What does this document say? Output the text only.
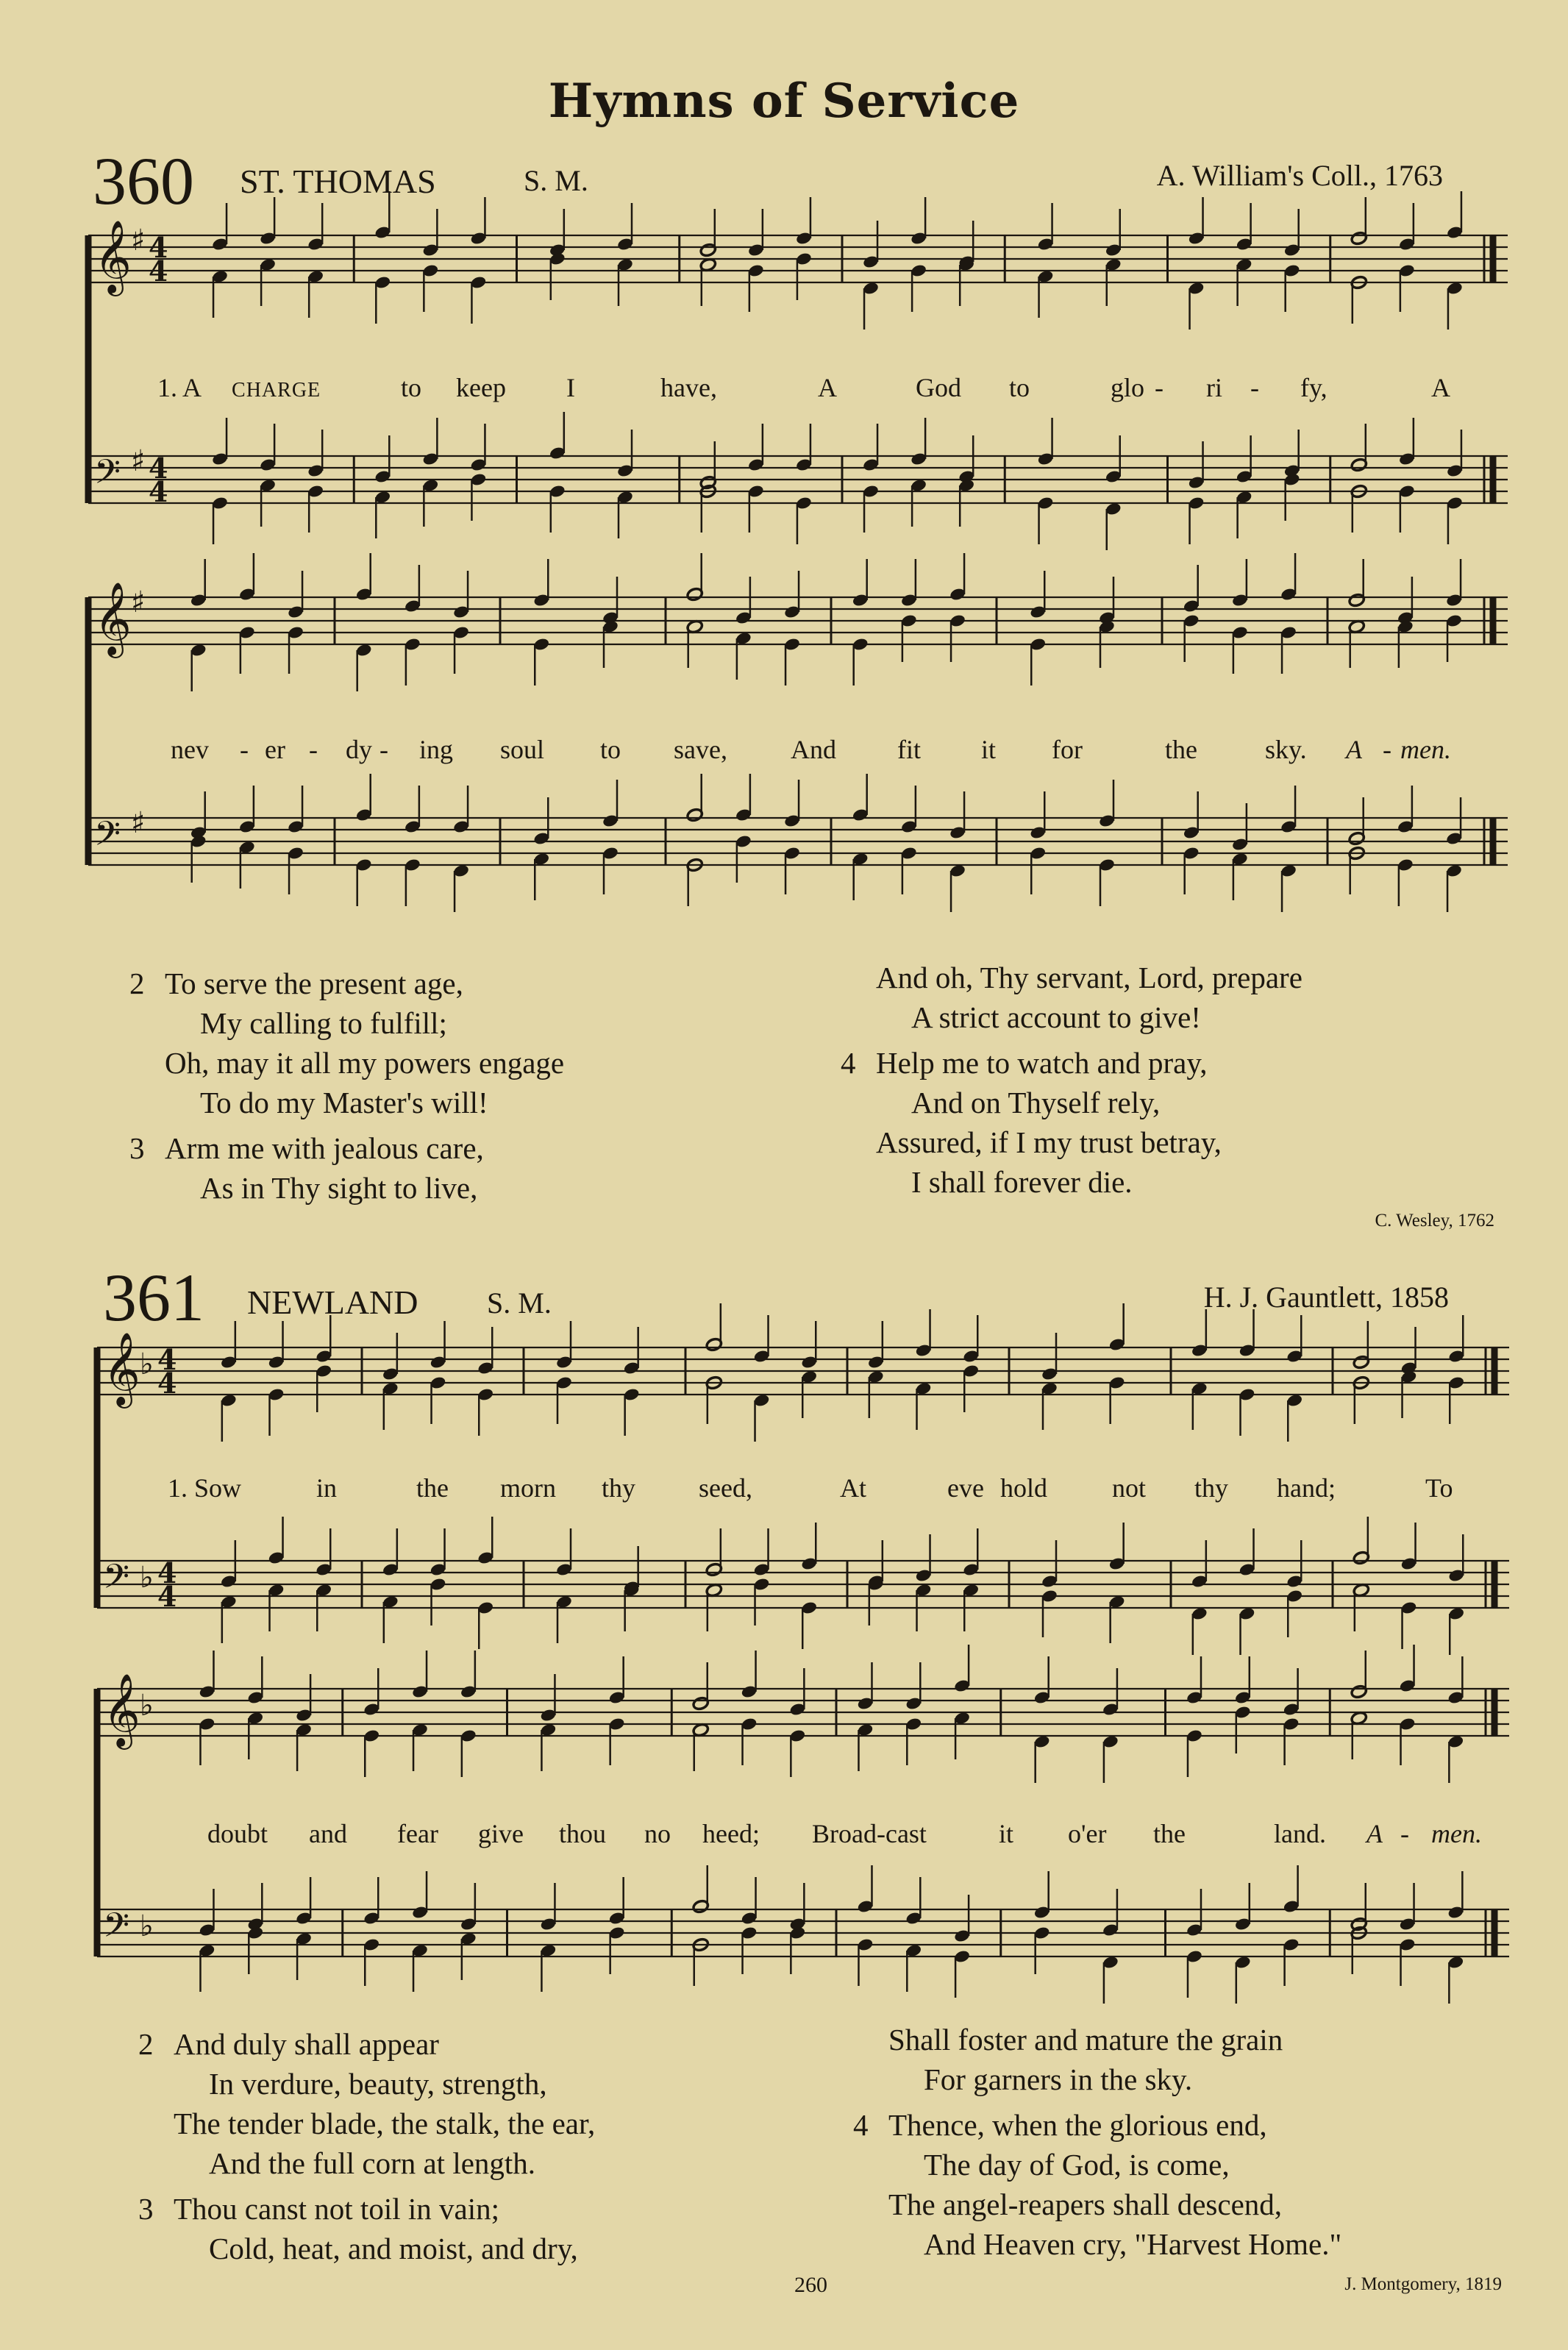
Hymns of Service
360 ST. THOMAS	S. M.	A. William's Coll., 1763
𝄞 ♯ 4
4
𝄢 ♯ 4
4
1. A CHARGE	to keep I	have,	A	God to	glo - ri - fy,	A
𝄞 ♯
𝄢 ♯
nev - er - dy - ing soul to save, And fit it for	the	sky. A - men.
2 To serve the present age,
My calling to fulfill;
Oh, may it all my powers engage
To do my Master's will!
3 Arm me with jealous care,
As in Thy sight to live,
And oh, Thy servant, Lord, prepare
A strict account to give!
4 Help me to watch and pray,
And on Thyself rely,
Assured, if I my trust betray,
I shall forever die.
C. Wesley, 1762
361 NEWLAND S. M.	H. J. Gauntlett, 1858
𝄞 ♭ 4
4
𝄢 ♭ 4
4
1. Sow	in	the morn thy seed,	At	eve hold not thy hand;	To
𝄞 ♭
𝄢 ♭
doubt and fear give thou no heed; Broad-cast	it o'er the	land. A - men.
2 And duly shall appear
In verdure, beauty, strength,
The tender blade, the stalk, the ear,
And the full corn at length.
3 Thou canst not toil in vain;
Cold, heat, and moist, and dry,
Shall foster and mature the grain
For garners in the sky.
4 Thence, when the glorious end,
The day of God, is come,
The angel-reapers shall descend,
And Heaven cry, "Harvest Home."
J. Montgomery, 1819
260
